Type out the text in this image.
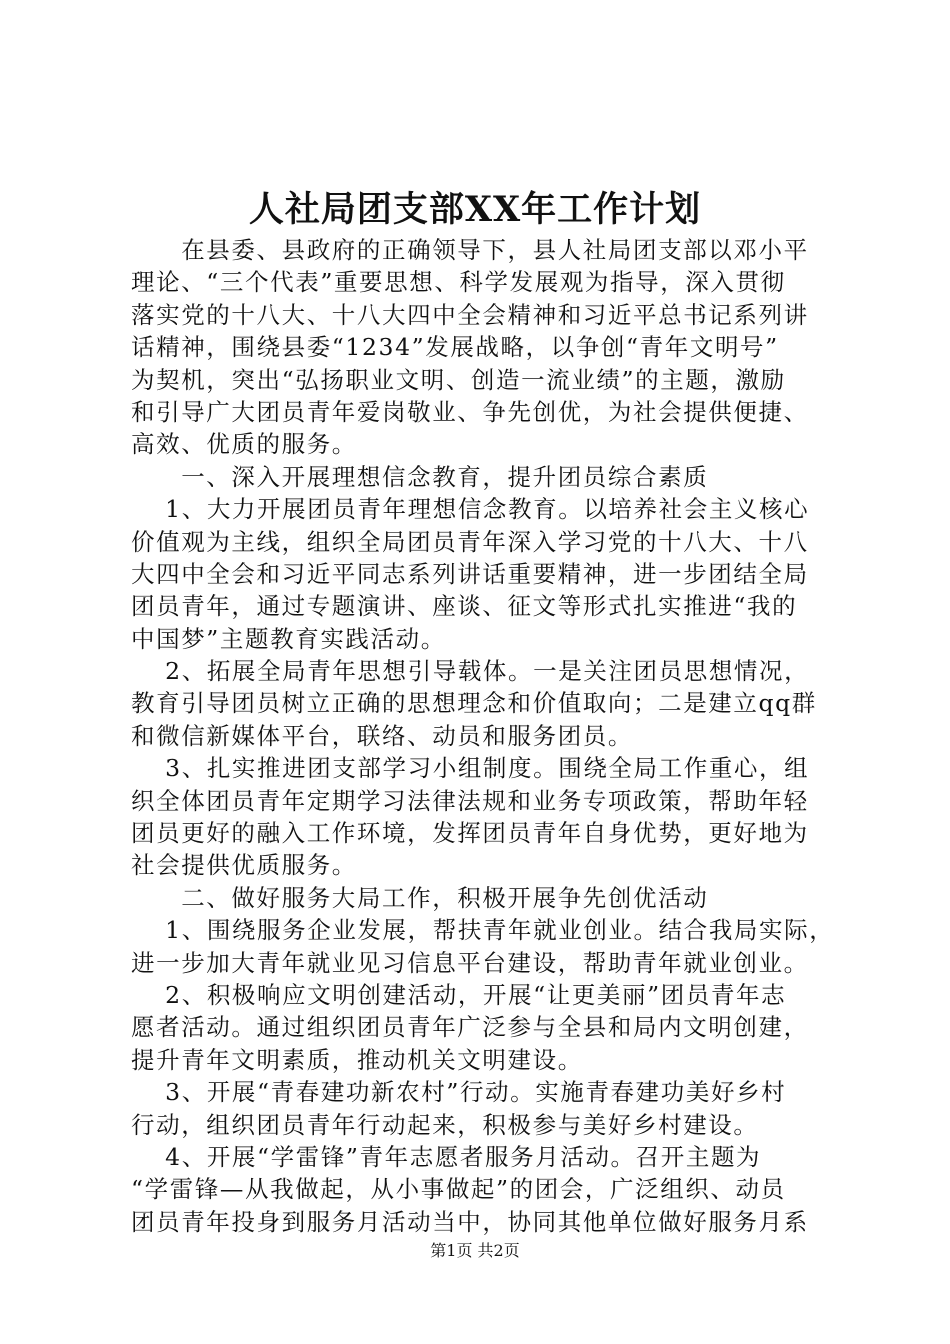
人社局团支部XX年工作计划
　　在县委、县政府的正确领导下，县人社局团支部以邓小平
理论、“三个代表”重要思想、科学发展观为指导，深入贯彻
落实党的十八大、十八大四中全会精神和习近平总书记系列讲
话精神，围绕县委“1234”发展战略，以争创“青年文明号”
为契机，突出“弘扬职业文明、创造一流业绩”的主题，激励
和引导广大团员青年爱岗敬业、争先创优，为社会提供便捷、
高效、优质的服务。
　　一、深入开展理想信念教育，提升团员综合素质
　 1、大力开展团员青年理想信念教育。以培养社会主义核心
价值观为主线，组织全局团员青年深入学习党的十八大、十八
大四中全会和习近平同志系列讲话重要精神，进一步团结全局
团员青年，通过专题演讲、座谈、征文等形式扎实推进“我的
中国梦”主题教育实践活动。
　 2、拓展全局青年思想引导载体。一是关注团员思想情况，
教育引导团员树立正确的思想理念和价值取向；二是建立qq群
和微信新媒体平台，联络、动员和服务团员。
　 3、扎实推进团支部学习小组制度。围绕全局工作重心，组
织全体团员青年定期学习法律法规和业务专项政策，帮助年轻
团员更好的融入工作环境，发挥团员青年自身优势，更好地为
社会提供优质服务。
　　二、做好服务大局工作，积极开展争先创优活动
　 1、围绕服务企业发展，帮扶青年就业创业。结合我局实际，
进一步加大青年就业见习信息平台建设，帮助青年就业创业。
　 2、积极响应文明创建活动，开展“让更美丽”团员青年志
愿者活动。通过组织团员青年广泛参与全县和局内文明创建，
提升青年文明素质，推动机关文明建设。
　 3、开展“青春建功新农村”行动。实施青春建功美好乡村
行动，组织团员青年行动起来，积极参与美好乡村建设。
　 4、开展“学雷锋”青年志愿者服务月活动。召开主题为
“学雷锋—从我做起，从小事做起”的团会，广泛组织、动员
团员青年投身到服务月活动当中，协同其他单位做好服务月系
第1页 共2页
